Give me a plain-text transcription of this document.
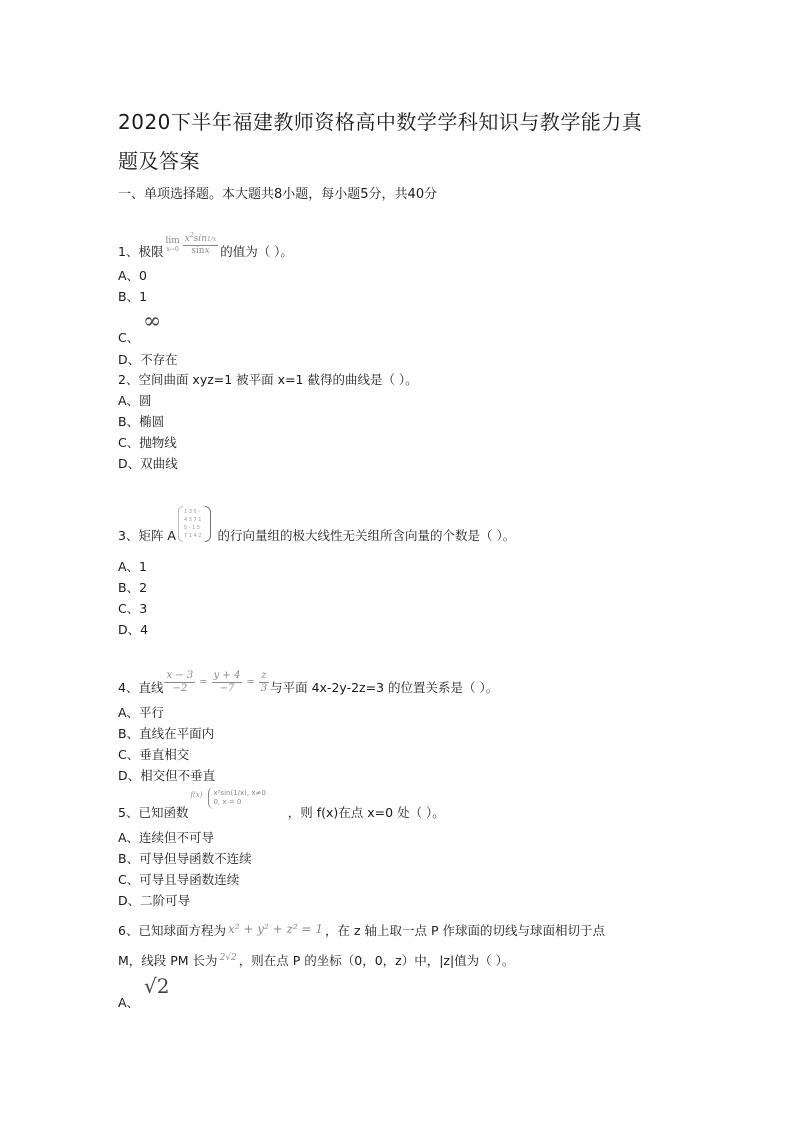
2020下半年福建教师资格高中数学学科知识与教学能力真
题及答案
一、单项选择题。本大题共8小题，每小题5分，共40分
1、极限
lim
$x\to 0 \frac{x^2\sin 1/x}{\sin x}$ 的值为（ ）。
A、0
B、1
C、
∞
D、不存在
2、空间曲面 xyz=1 被平面 x=1 截得的曲线是（ ）。
A、圆
B、椭圆
C、抛物线
D、双曲线
3、矩阵 A
1 3 5 -
4 3 7 1
5 - 1 5
7 1 4 2 的行向量组的极大线性无关组所含向量的个数是（ ）。
A、1
B、2
C、3
D、4
4、直线 $\frac{x - 3}{-2} = \frac{y + 4}{-7} = \frac{z}{3}$ 与平面 4x-2y-2z=3 的位置关系是（ ）。
A、平行
B、直线在平面内
C、垂直相交
D、相交但不垂直
5、已知函数
f(x) x²sin(1/x), x≠0
0, x = 0
，则 f(x)在点 x=0 处（ ）。
A、连续但不可导
B、可导但导函数不连续
C、可导且导函数连续
D、二阶可导
6、已知球面方程为 x² + y² + z² = 1 ，在 z 轴上取一点 P 作球面的切线与球面相切于点
M，线段 PM 长为 2√2 ，则在点 P 的坐标（0，0，z）中，|z|值为（ ）。
A、
√2
